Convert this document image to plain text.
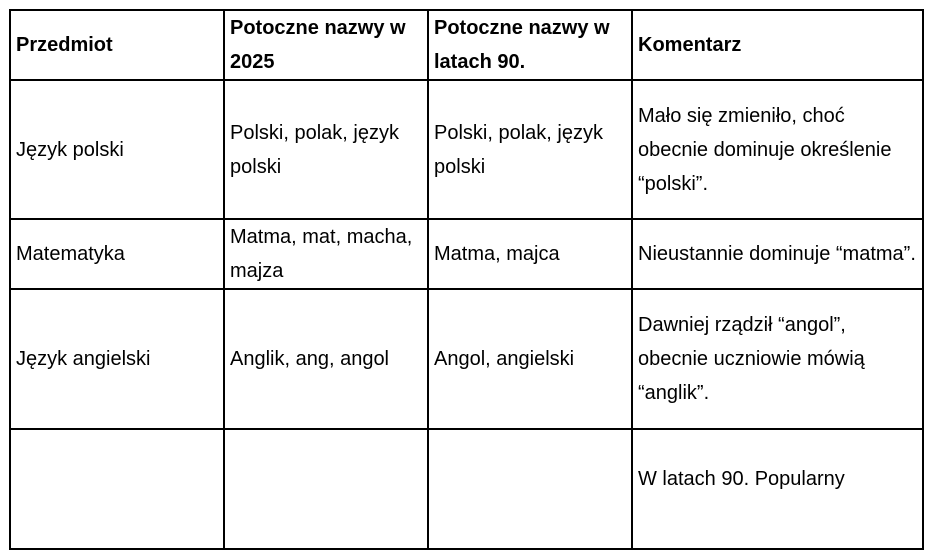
Przedmiot	Potoczne nazwy w 2025	Potoczne nazwy w latach 90.	Komentarz
Język polski	Polski, polak, język polski	Polski, polak, język polski	Mało się zmieniło, choć obecnie dominuje określenie “polski”.
Matematyka	Matma, mat, macha, majza	Matma, majca	Nieustannie dominuje “matma”.
Język angielski	Anglik, ang, angol	Angol, angielski	Dawniej rządził “angol”, obecnie uczniowie mówią “anglik”.
			W latach 90. Popularny
